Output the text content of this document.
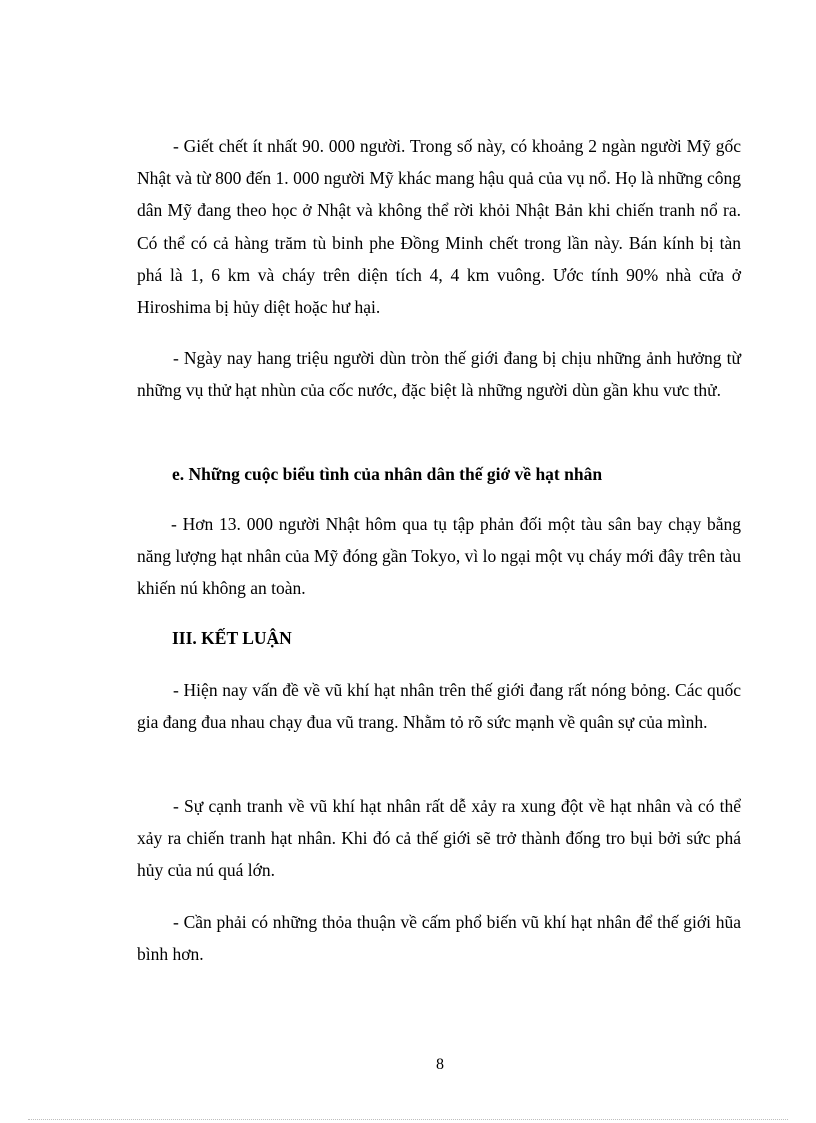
- Giết chết ít nhất 90. 000 người. Trong số này, có khoảng 2 ngàn người Mỹ gốc Nhật và từ 800 đến 1. 000 người Mỹ khác mang hậu quả của vụ nổ. Họ là những công dân Mỹ đang theo học ở Nhật và không thể rời khỏi Nhật Bản khi chiến tranh nổ ra. Có thể có cả hàng trăm tù binh phe Đồng Minh chết trong lần này. Bán kính bị tàn phá là 1, 6 km và cháy trên diện tích 4, 4 km vuông. Ước tính 90% nhà cửa ở Hiroshima bị hủy diệt hoặc hư hại.

- Ngày nay hang triệu người dùn tròn thế giới đang bị chịu những ảnh hưởng từ những vụ thử hạt nhùn của cốc nước, đặc biệt là những người dùn gần khu vưc thử.

e. Những cuộc biểu tình của nhân dân thế giớ về hạt nhân

- Hơn 13. 000 người Nhật hôm qua tụ tập phản đối một tàu sân bay chạy bằng năng lượng hạt nhân của Mỹ đóng gần Tokyo, vì lo ngại một vụ cháy mới đây trên tàu khiến nú không an toàn.

III. KẾT LUẬN

- Hiện nay vấn đề về vũ khí hạt nhân trên thế giới đang rất nóng bỏng. Các quốc gia đang đua nhau chạy đua vũ trang. Nhằm tỏ rõ sức mạnh về quân sự của mình.

- Sự cạnh tranh về vũ khí hạt nhân rất dễ xảy ra xung đột về hạt nhân và có thể xảy ra chiến tranh hạt nhân. Khi đó cả thế giới sẽ trở thành đống tro bụi bởi sức phá hủy của nú quá lớn.

- Cần phải có những thỏa thuận về cấm phổ biến vũ khí hạt nhân để thế giới hũa bình hơn.

8
